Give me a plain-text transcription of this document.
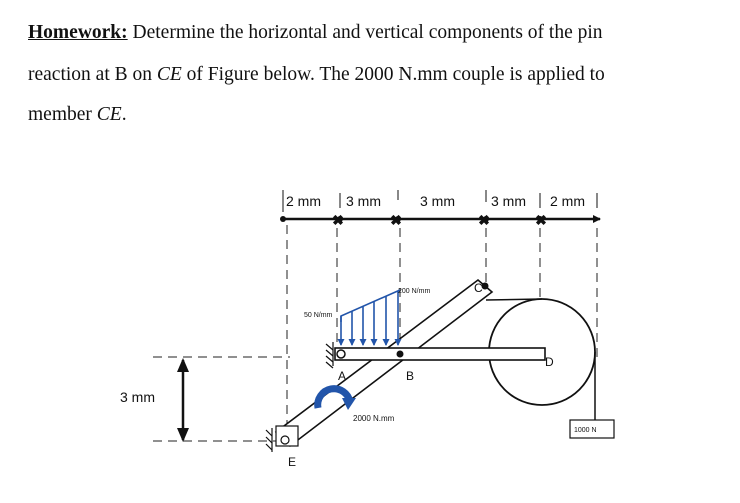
Homework: Determine the horizontal and vertical components of the pin
reaction at B on CE of Figure below. The 2000 N.mm couple is applied to
member CE.
✖	✖	✖	✖
2 mm 3 mm	3 mm	3 mm 2 mm
3 mm
200 N/mm
50 N/mm
2000 N.mm
1000 N
A	B
C
D
E
